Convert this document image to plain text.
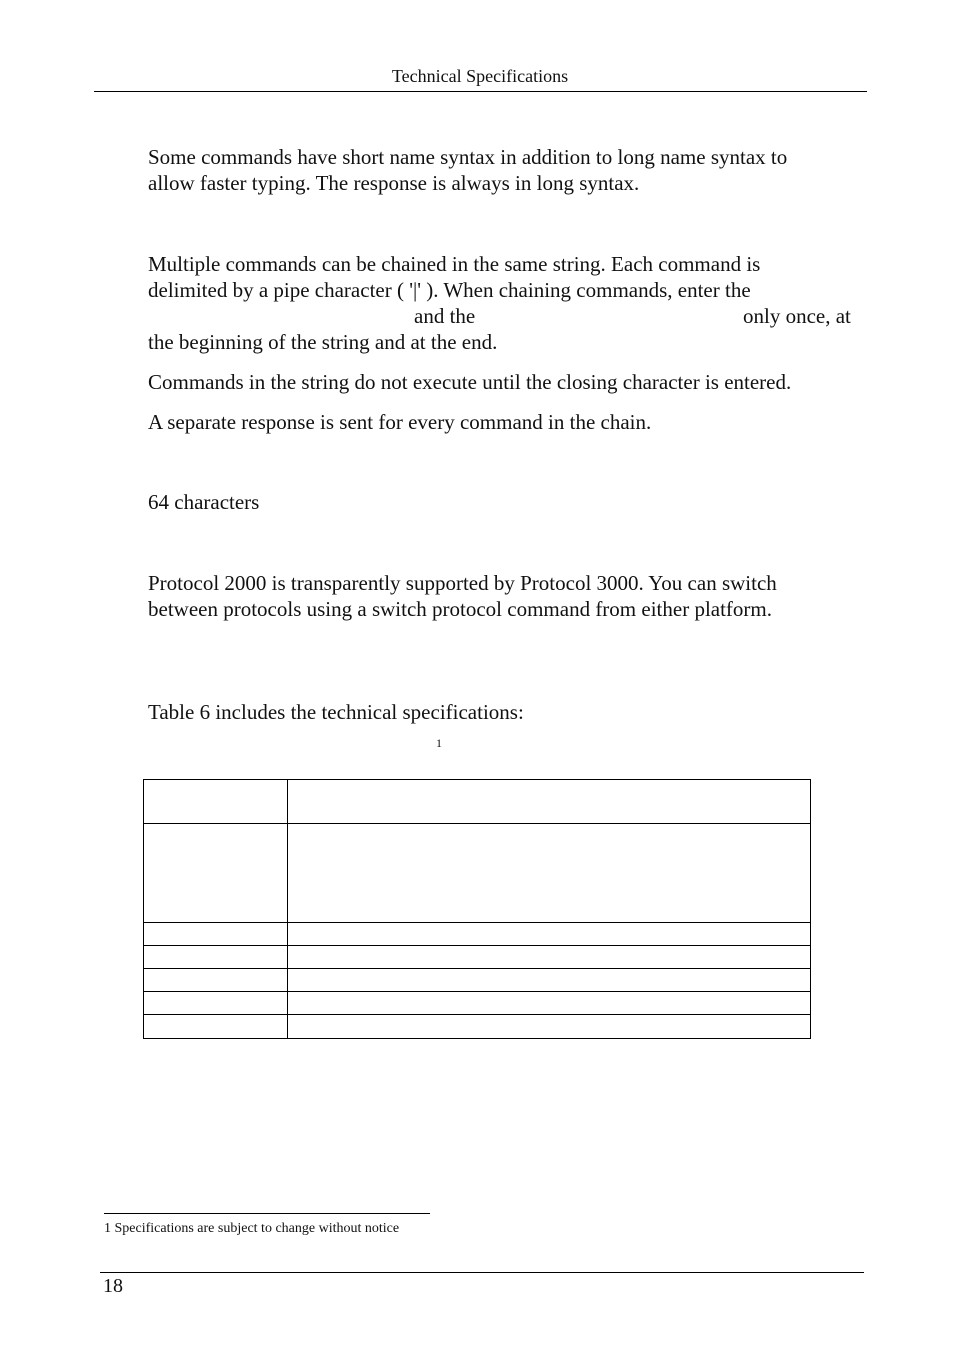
Technical Specifications
Some commands have short name syntax in addition to long name syntax to
allow faster typing. The response is always in long syntax.
Multiple commands can be chained in the same string. Each command is
delimited by a pipe character ( '|' ). When chaining commands, enter the
and the	only once, at
the beginning of the string and at the end.
Commands in the string do not execute until the closing character is entered.
A separate response is sent for every command in the chain.
64 characters
Protocol 2000 is transparently supported by Protocol 3000. You can switch
between protocols using a switch protocol command from either platform.
Table 6 includes the technical specifications:
1

1 Specifications are subject to change without notice
18
